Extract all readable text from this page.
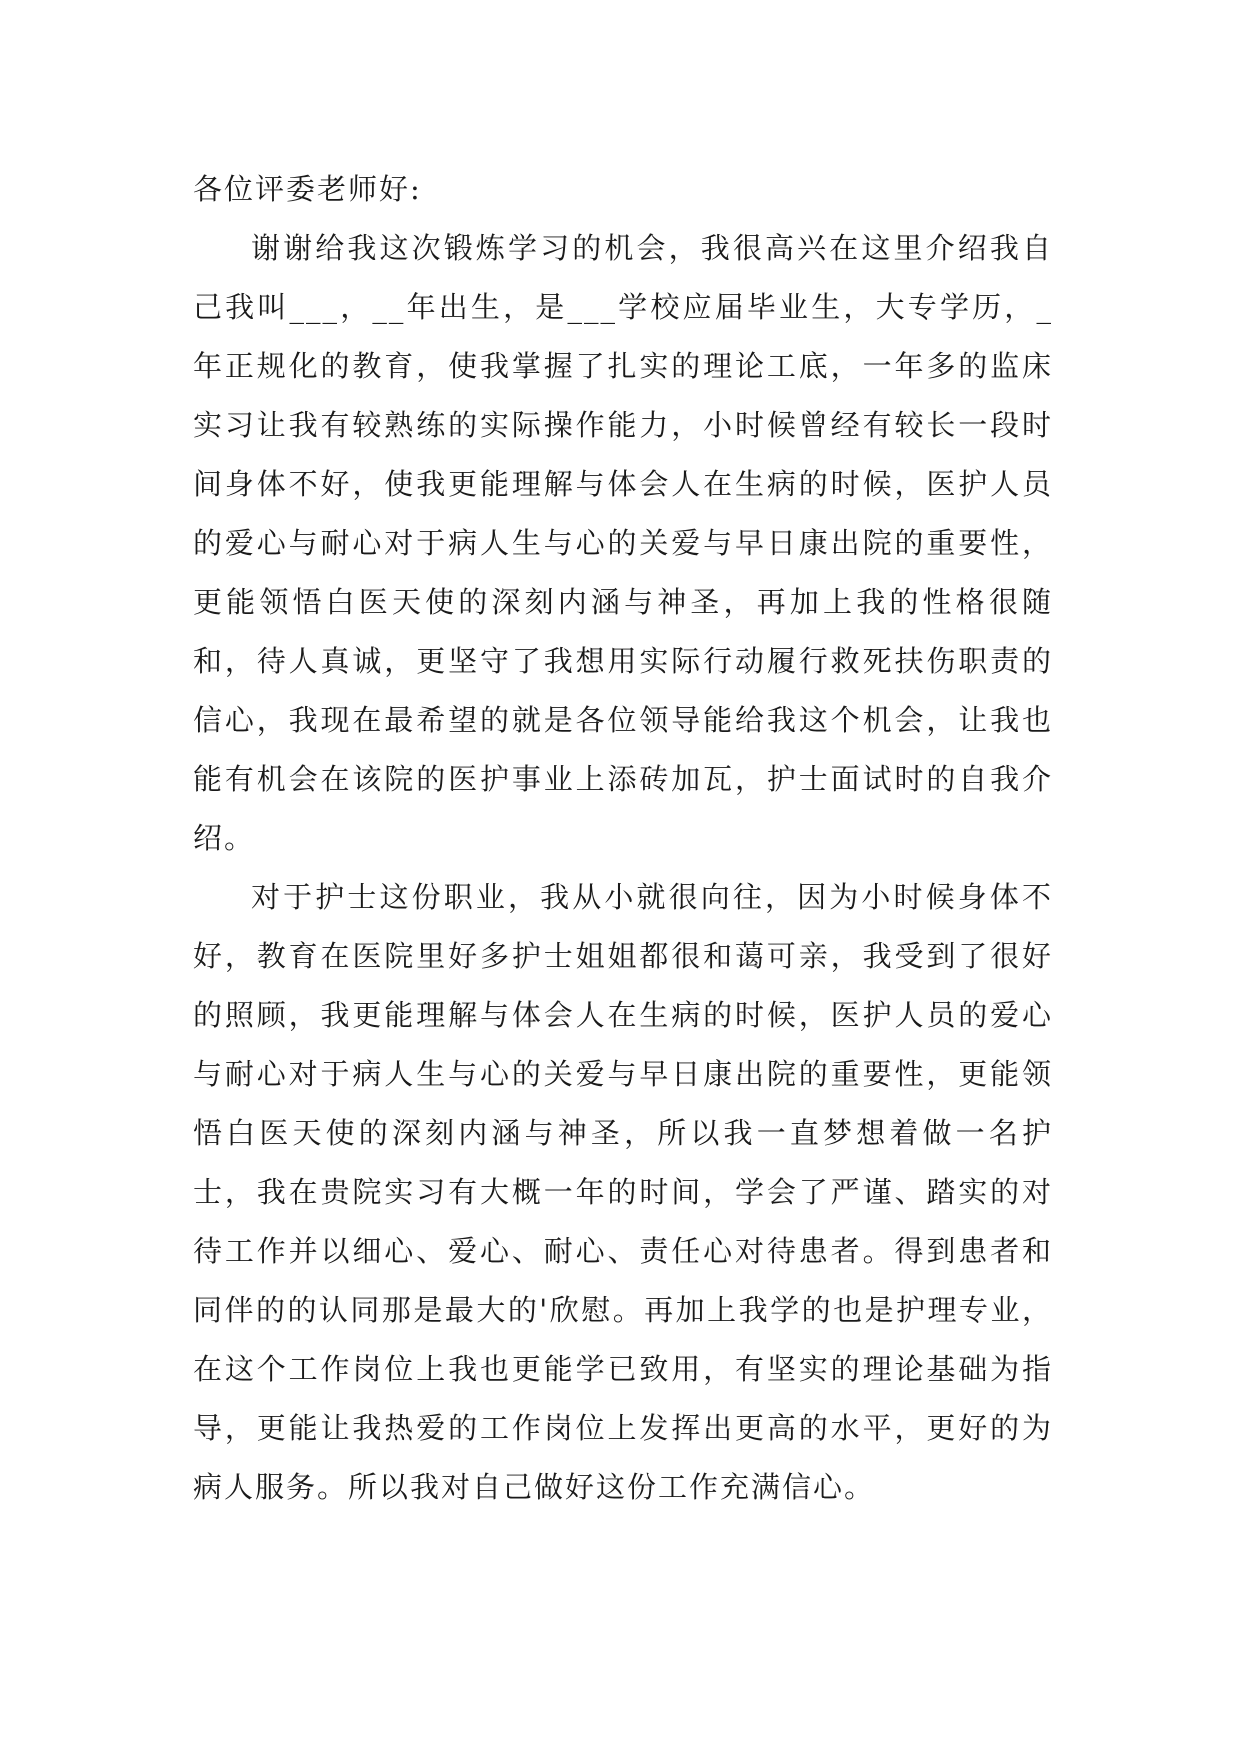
各位评委老师好:

谢谢给我这次锻炼学习的机会，我很高兴在这里介绍我自己我叫___，__年出生，是___学校应届毕业生，大专学历，_年正规化的教育，使我掌握了扎实的理论工底，一年多的监床实习让我有较熟练的实际操作能力，小时候曾经有较长一段时间身体不好，使我更能理解与体会人在生病的时候，医护人员的爱心与耐心对于病人生与心的关爱与早日康出院的重要性，更能领悟白医天使的深刻内涵与神圣，再加上我的性格很随和，待人真诚，更坚守了我想用实际行动履行救死扶伤职责的信心，我现在最希望的就是各位领导能给我这个机会，让我也能有机会在该院的医护事业上添砖加瓦，护士面试时的自我介绍。

对于护士这份职业，我从小就很向往，因为小时候身体不好，教育在医院里好多护士姐姐都很和蔼可亲，我受到了很好的照顾，我更能理解与体会人在生病的时候，医护人员的爱心与耐心对于病人生与心的关爱与早日康出院的重要性，更能领悟白医天使的深刻内涵与神圣，所以我一直梦想着做一名护士，我在贵院实习有大概一年的时间，学会了严谨、踏实的对待工作并以细心、爱心、耐心、责任心对待患者。得到患者和同伴的的认同那是最大的'欣慰。再加上我学的也是护理专业，在这个工作岗位上我也更能学已致用，有坚实的理论基础为指导，更能让我热爱的工作岗位上发挥出更高的水平，更好的为病人服务。所以我对自己做好这份工作充满信心。
